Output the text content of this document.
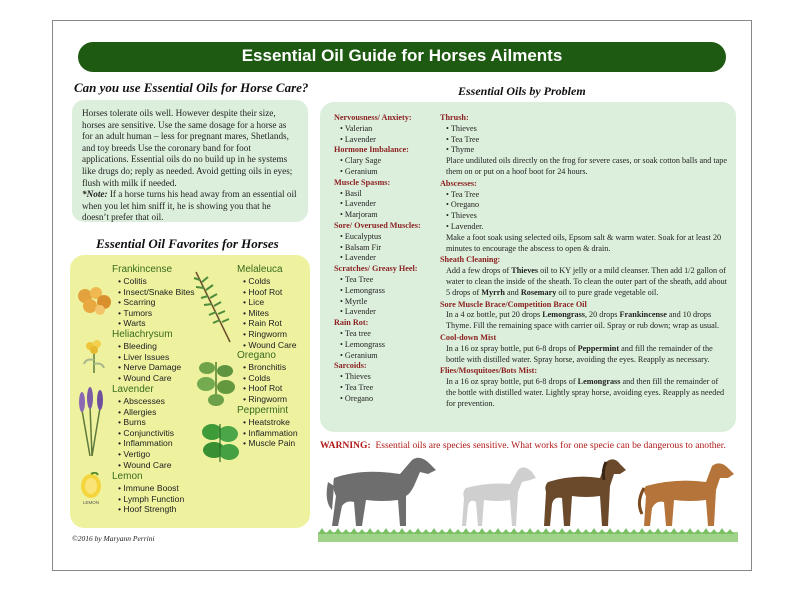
Essential Oil Guide for Horses Ailments
Can you use Essential Oils for Horse Care?

Horses tolerate oils well. However despite their size, horses are sensitive. Use the same dosage for a horse as for an adult human – less for pregnant mares, Shetlands, and toy breeds Use the coronary band for foot applications. Essential oils do no build up in he systems like drugs do; reply as needed. Avoid getting oils in eyes; flush with milk if needed.
*Note: If a horse turns his head away from an essential oil when you let him sniff it, he is showing you that he doesn’t prefer that oil.

Essential Oil Favorites for Horses
LEMON
Frankincense
• Colitis
• Insect/Snake Bites
• Scarring
• Tumors
• Warts
Heliachrysum
• Bleeding
• Liver Issues
• Nerve Damage
• Wound Care
Lavender
• Abscesses
• Allergies
• Burns
• Conjunctivitis
• Inflammation
• Vertigo
• Wound Care
Lemon
• Immune Boost
• Lymph Function
• Hoof Strength
Melaleuca
• Colds
• Hoof Rot
• Lice
• Mites
• Rain Rot
• Ringworm
• Wound Care
Oregano
• Bronchitis
• Colds
• Hoof Rot
• Ringworm
Peppermint
• Heatstroke
• Inflammation
• Muscle Pain
Essential Oils by Problem
Nervousness/ Anxiety:
• Valerian
• Lavender
Hormone Imbalance:
• Clary Sage
• Geranium
Muscle Spasms:
• Basil
• Lavender
• Marjoram
Sore/ Overused Muscles:
• Eucalyptus
• Balsam Fir
• Lavender
Scratches/ Greasy Heel:
• Tea Tree
• Lemongrass
• Myrtle
• Lavender
Rain Rot:
• Tea tree
• Lemongrass
• Geranium
Sarcoids:
• Thieves
• Tea Tree
• Oregano
Thrush:
• Thieves
• Tea Tree
• Thyme
Place undiluted oils directly on the frog for severe cases, or soak cotton balls and tape them on or put on a hoof boot for 24 hours.
Abscesses:
• Tea Tree
• Oregano
• Thieves
• Lavender.
Make a foot soak using selected oils, Epsom salt & warm water. Soak for at least 20 minutes to encourage the abscess to open & drain.
Sheath Cleaning:
Add a few drops of Thieves oil to KY jelly or a mild cleanser. Then add 1/2 gallon of water to clean the inside of the sheath. To clean the outer part of the sheath, add about 5 drops of Myrrh and Rosemary oil to pure grade vegetable oil.
Sore Muscle Brace/Competition Brace Oil
In a 4 oz bottle, put 20 drops Lemongrass, 20 drops Frankincense and 10 drops Thyme. Fill the remaining space with carrier oil. Spray or rub down; wrap as usual.
Cool-down Mist
In a 16 oz spray bottle, put 6-8 drops of Peppermint and fill the remainder of the bottle with distilled water. Spray horse, avoiding the eyes. Reapply as necessary.
Flies/Mosquitoes/Bots Mist:
In a 16 oz spray bottle, put 6-8 drops of Lemongrass and then fill the remainder of the bottle with distilled water. Lightly spray horse, avoiding eyes. Reapply as needed for prevention.
WARNING: Essential oils are species sensitive. What works for one specie can be dangerous to another.
©2016 by Maryann Perrini
